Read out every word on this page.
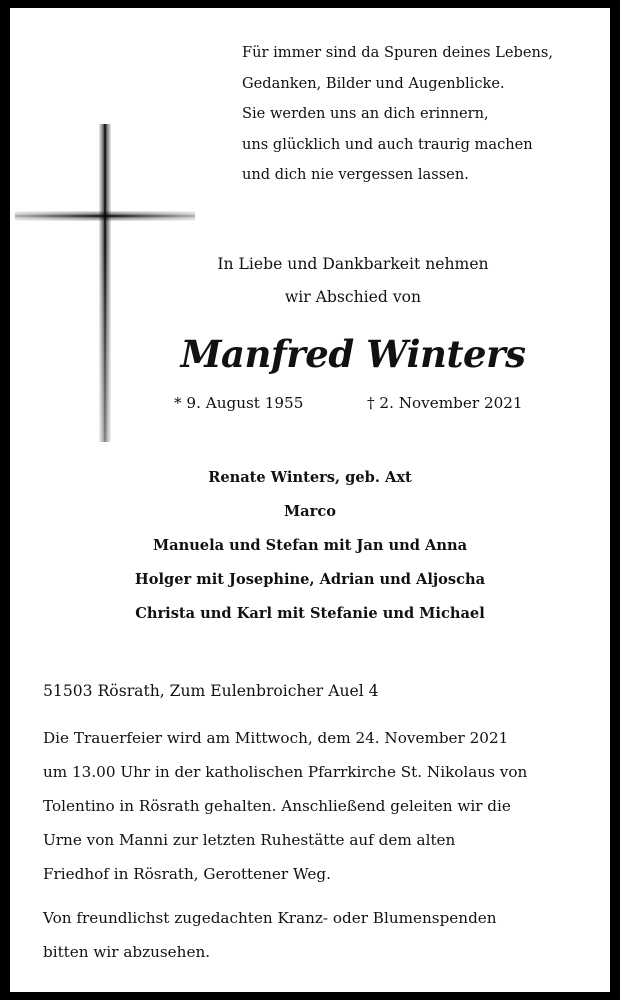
Für immer sind da Spuren deines Lebens,
Gedanken, Bilder und Augenblicke.
Sie werden uns an dich erinnern,
uns glücklich und auch traurig machen
und dich nie vergessen lassen.
In Liebe und Dankbarkeit nehmen
wir Abschied von
Manfred Winters
* 9. August 1955	† 2. November 2021
Renate Winters, geb. Axt
Marco
Manuela und Stefan mit Jan und Anna
Holger mit Josephine, Adrian und Aljoscha
Christa und Karl mit Stefanie und Michael
51503 Rösrath, Zum Eulenbroicher Auel 4
Die Trauerfeier wird am Mittwoch, dem 24. November 2021
um 13.00 Uhr in der katholischen Pfarrkirche St. Nikolaus von
Tolentino in Rösrath gehalten. Anschließend geleiten wir die
Urne von Manni zur letzten Ruhestätte auf dem alten
Friedhof in Rösrath, Gerottener Weg.
Von freundlichst zugedachten Kranz- oder Blumenspenden
bitten wir abzusehen.
